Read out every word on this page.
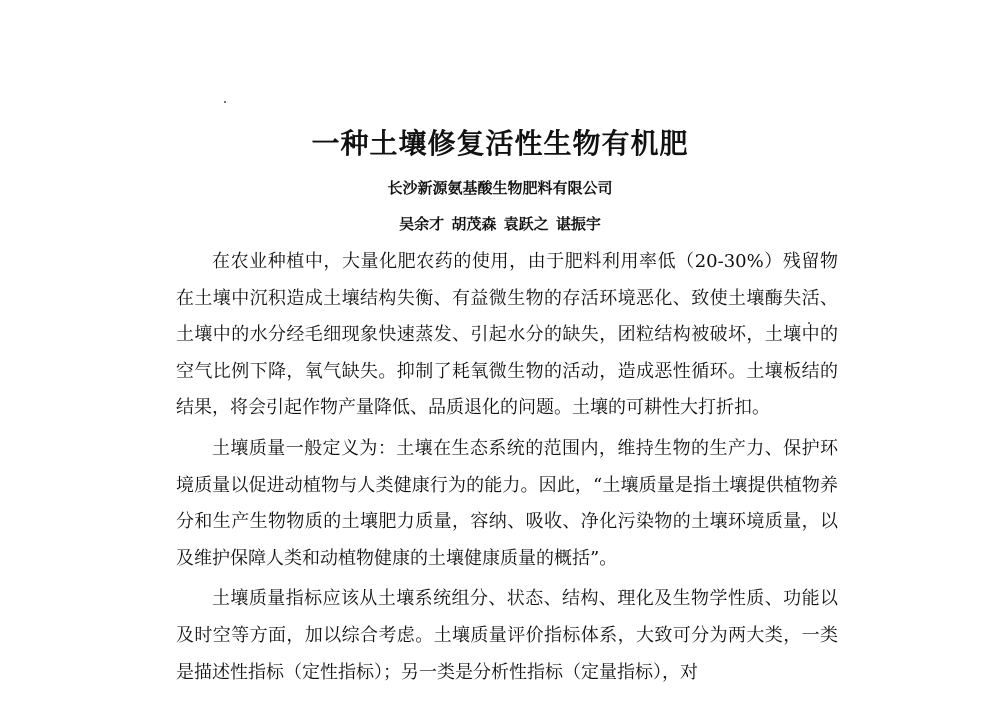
一种土壤修复活性生物有机肥
长沙新源氨基酸生物肥料有限公司
吴余才 胡茂森 袁跃之 谌振宇

在农业种植中，大量化肥农药的使用，由于肥料利用率低（20-30%）残留物在土壤中沉积造成土壤结构失衡、有益微生物的存活环境恶化、致使土壤酶失活、土壤中的水分经毛细现象快速蒸发、引起水分的缺失，团粒结构被破坏，土壤中的空气比例下降，氧气缺失。抑制了耗氧微生物的活动，造成恶性循环。土壤板结的结果，将会引起作物产量降低、品质退化的问题。土壤的可耕性大打折扣。

土壤质量一般定义为：土壤在生态系统的范围内，维持生物的生产力、保护环境质量以促进动植物与人类健康行为的能力。因此，“土壤质量是指土壤提供植物养分和生产生物物质的土壤肥力质量，容纳、吸收、净化污染物的土壤环境质量，以及维护保障人类和动植物健康的土壤健康质量的概括”。

土壤质量指标应该从土壤系统组分、状态、结构、理化及生物学性质、功能以及时空等方面，加以综合考虑。土壤质量评价指标体系，大致可分为两大类，一类是描述性指标（定性指标）；另一类是分析性指标（定量指标），对
